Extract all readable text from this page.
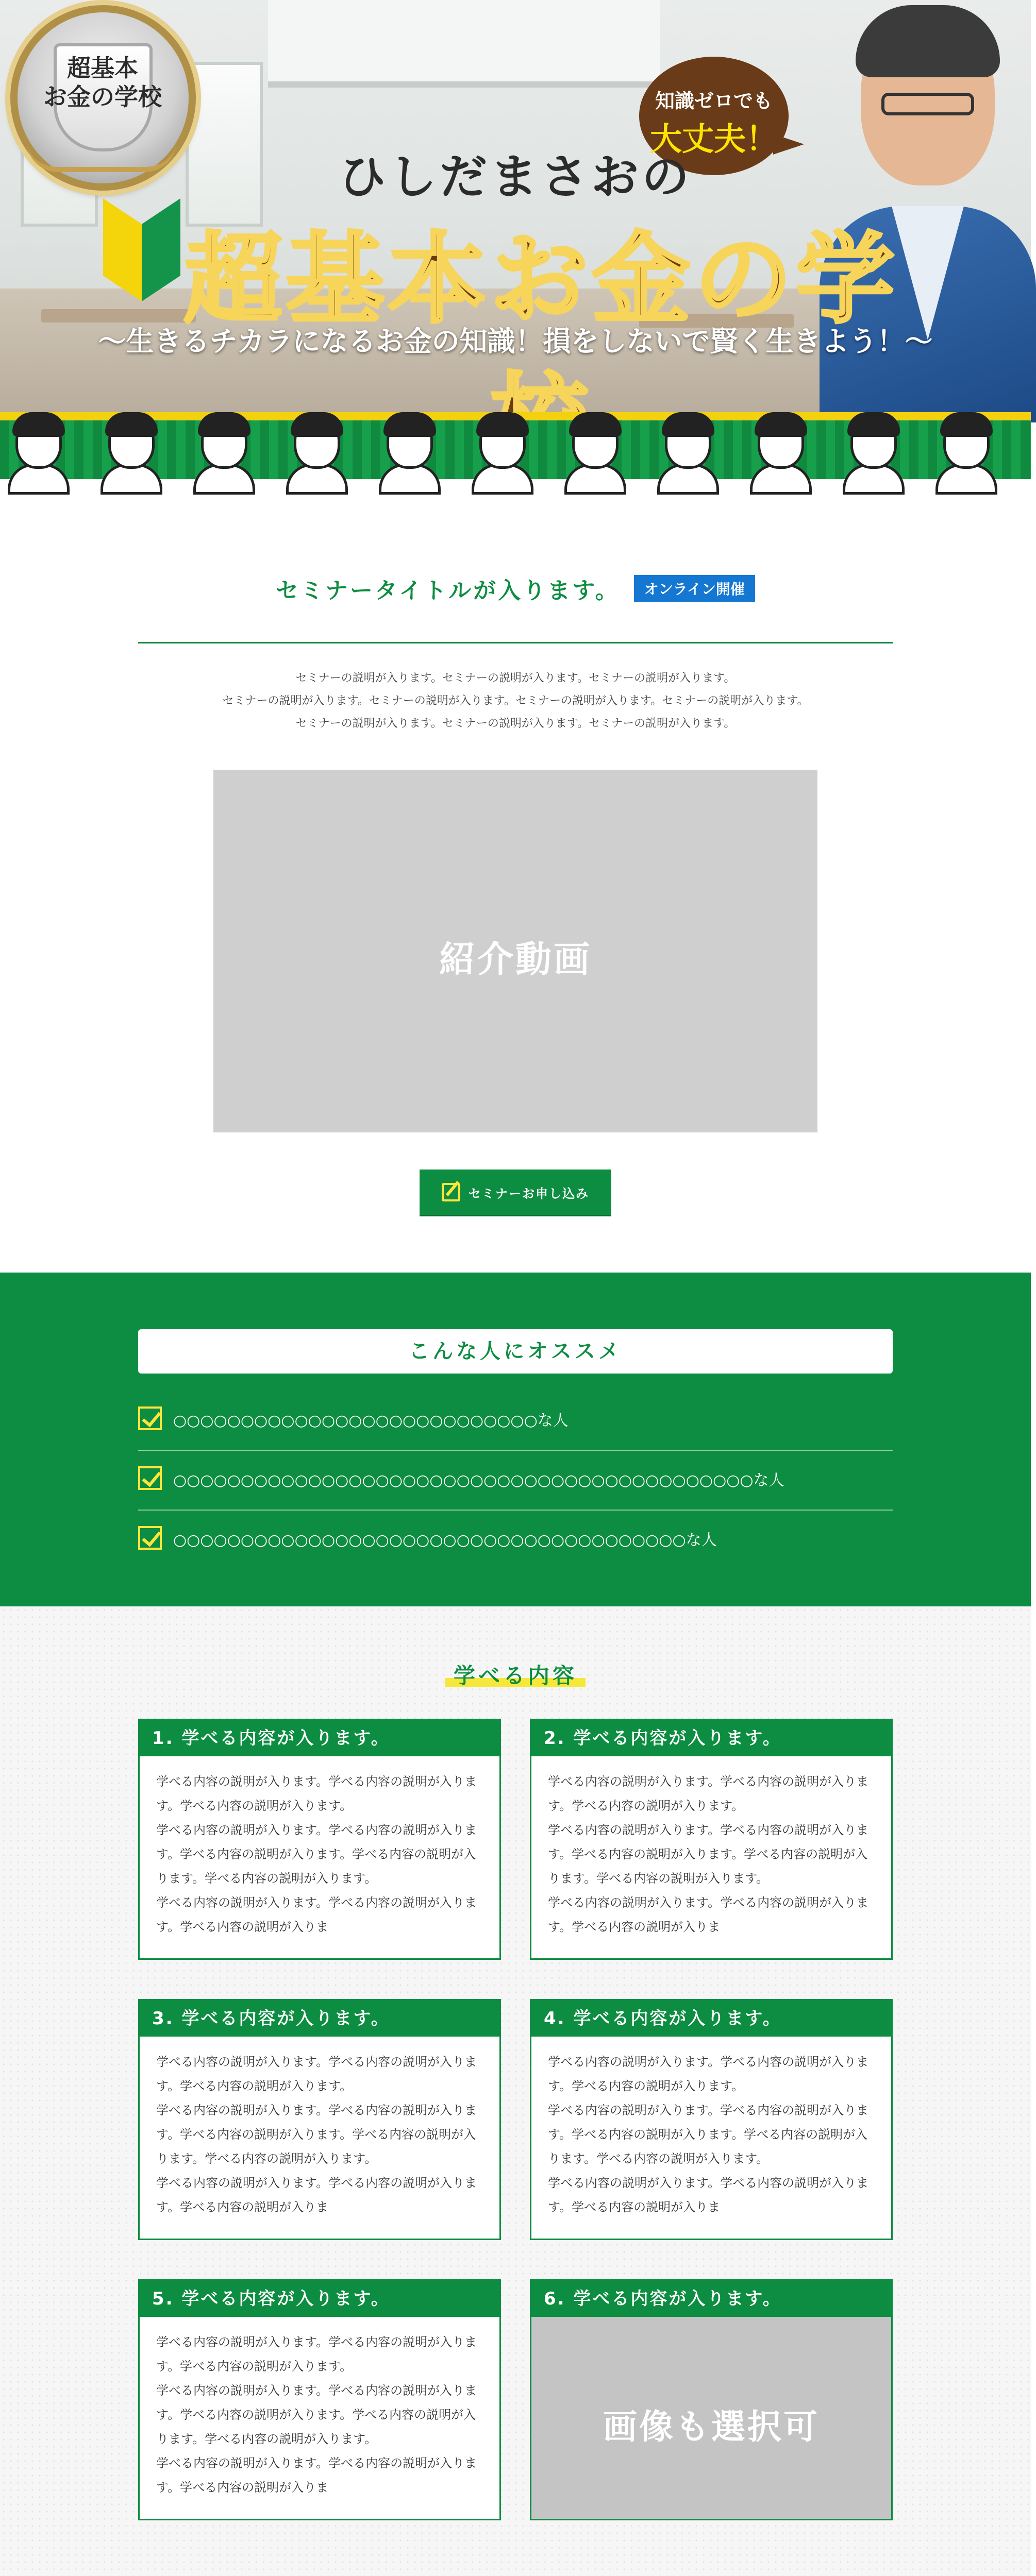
超基本
お金の学校	知識ゼロでも
大丈夫！
ひしだまさおの
超基本お金の学
〜生きるチカラになるお金の知識！損をしないで賢く生きよう！〜
セミナータイトルが入ります。 オンライン開催
セミナーの説明が入ります。セミナーの説明が入ります。セミナーの説明が入ります。
セミナーの説明が入ります。セミナーの説明が入ります。セミナーの説明が入ります。セミナーの説明が入ります。
セミナーの説明が入ります。セミナーの説明が入ります。セミナーの説明が入ります。
紹介動画
セミナーお申し込み
こんな人にオススメ
○○○○○○○○○○○○○○○○○○○○○○○○○○○な人
○○○○○○○○○○○○○○○○○○○○○○○○○○○○○○○○○○○○○○○○○○○な人
○○○○○○○○○○○○○○○○○○○○○○○○○○○○○○○○○○○○○○な人
学べる内容
1. 学べる内容が入ります。
学べる内容の説明が入ります。学べる内容の説明が入ります。学べる内容の説明が入ります。
学べる内容の説明が入ります。学べる内容の説明が入ります。学べる内容の説明が入ります。学べる内容の説明が入ります。学べる内容の説明が入ります。
学べる内容の説明が入ります。学べる内容の説明が入ります。学べる内容の説明が入りま
2. 学べる内容が入ります。
学べる内容の説明が入ります。学べる内容の説明が入ります。学べる内容の説明が入ります。
学べる内容の説明が入ります。学べる内容の説明が入ります。学べる内容の説明が入ります。学べる内容の説明が入ります。学べる内容の説明が入ります。
学べる内容の説明が入ります。学べる内容の説明が入ります。学べる内容の説明が入りま
3. 学べる内容が入ります。
学べる内容の説明が入ります。学べる内容の説明が入ります。学べる内容の説明が入ります。
学べる内容の説明が入ります。学べる内容の説明が入ります。学べる内容の説明が入ります。学べる内容の説明が入ります。学べる内容の説明が入ります。
学べる内容の説明が入ります。学べる内容の説明が入ります。学べる内容の説明が入りま
4. 学べる内容が入ります。
学べる内容の説明が入ります。学べる内容の説明が入ります。学べる内容の説明が入ります。
学べる内容の説明が入ります。学べる内容の説明が入ります。学べる内容の説明が入ります。学べる内容の説明が入ります。学べる内容の説明が入ります。
学べる内容の説明が入ります。学べる内容の説明が入ります。学べる内容の説明が入りま
5. 学べる内容が入ります。
学べる内容の説明が入ります。学べる内容の説明が入ります。学べる内容の説明が入ります。
学べる内容の説明が入ります。学べる内容の説明が入ります。学べる内容の説明が入ります。学べる内容の説明が入ります。学べる内容の説明が入ります。
学べる内容の説明が入ります。学べる内容の説明が入ります。学べる内容の説明が入りま
6. 学べる内容が入ります。
画像も選択可
